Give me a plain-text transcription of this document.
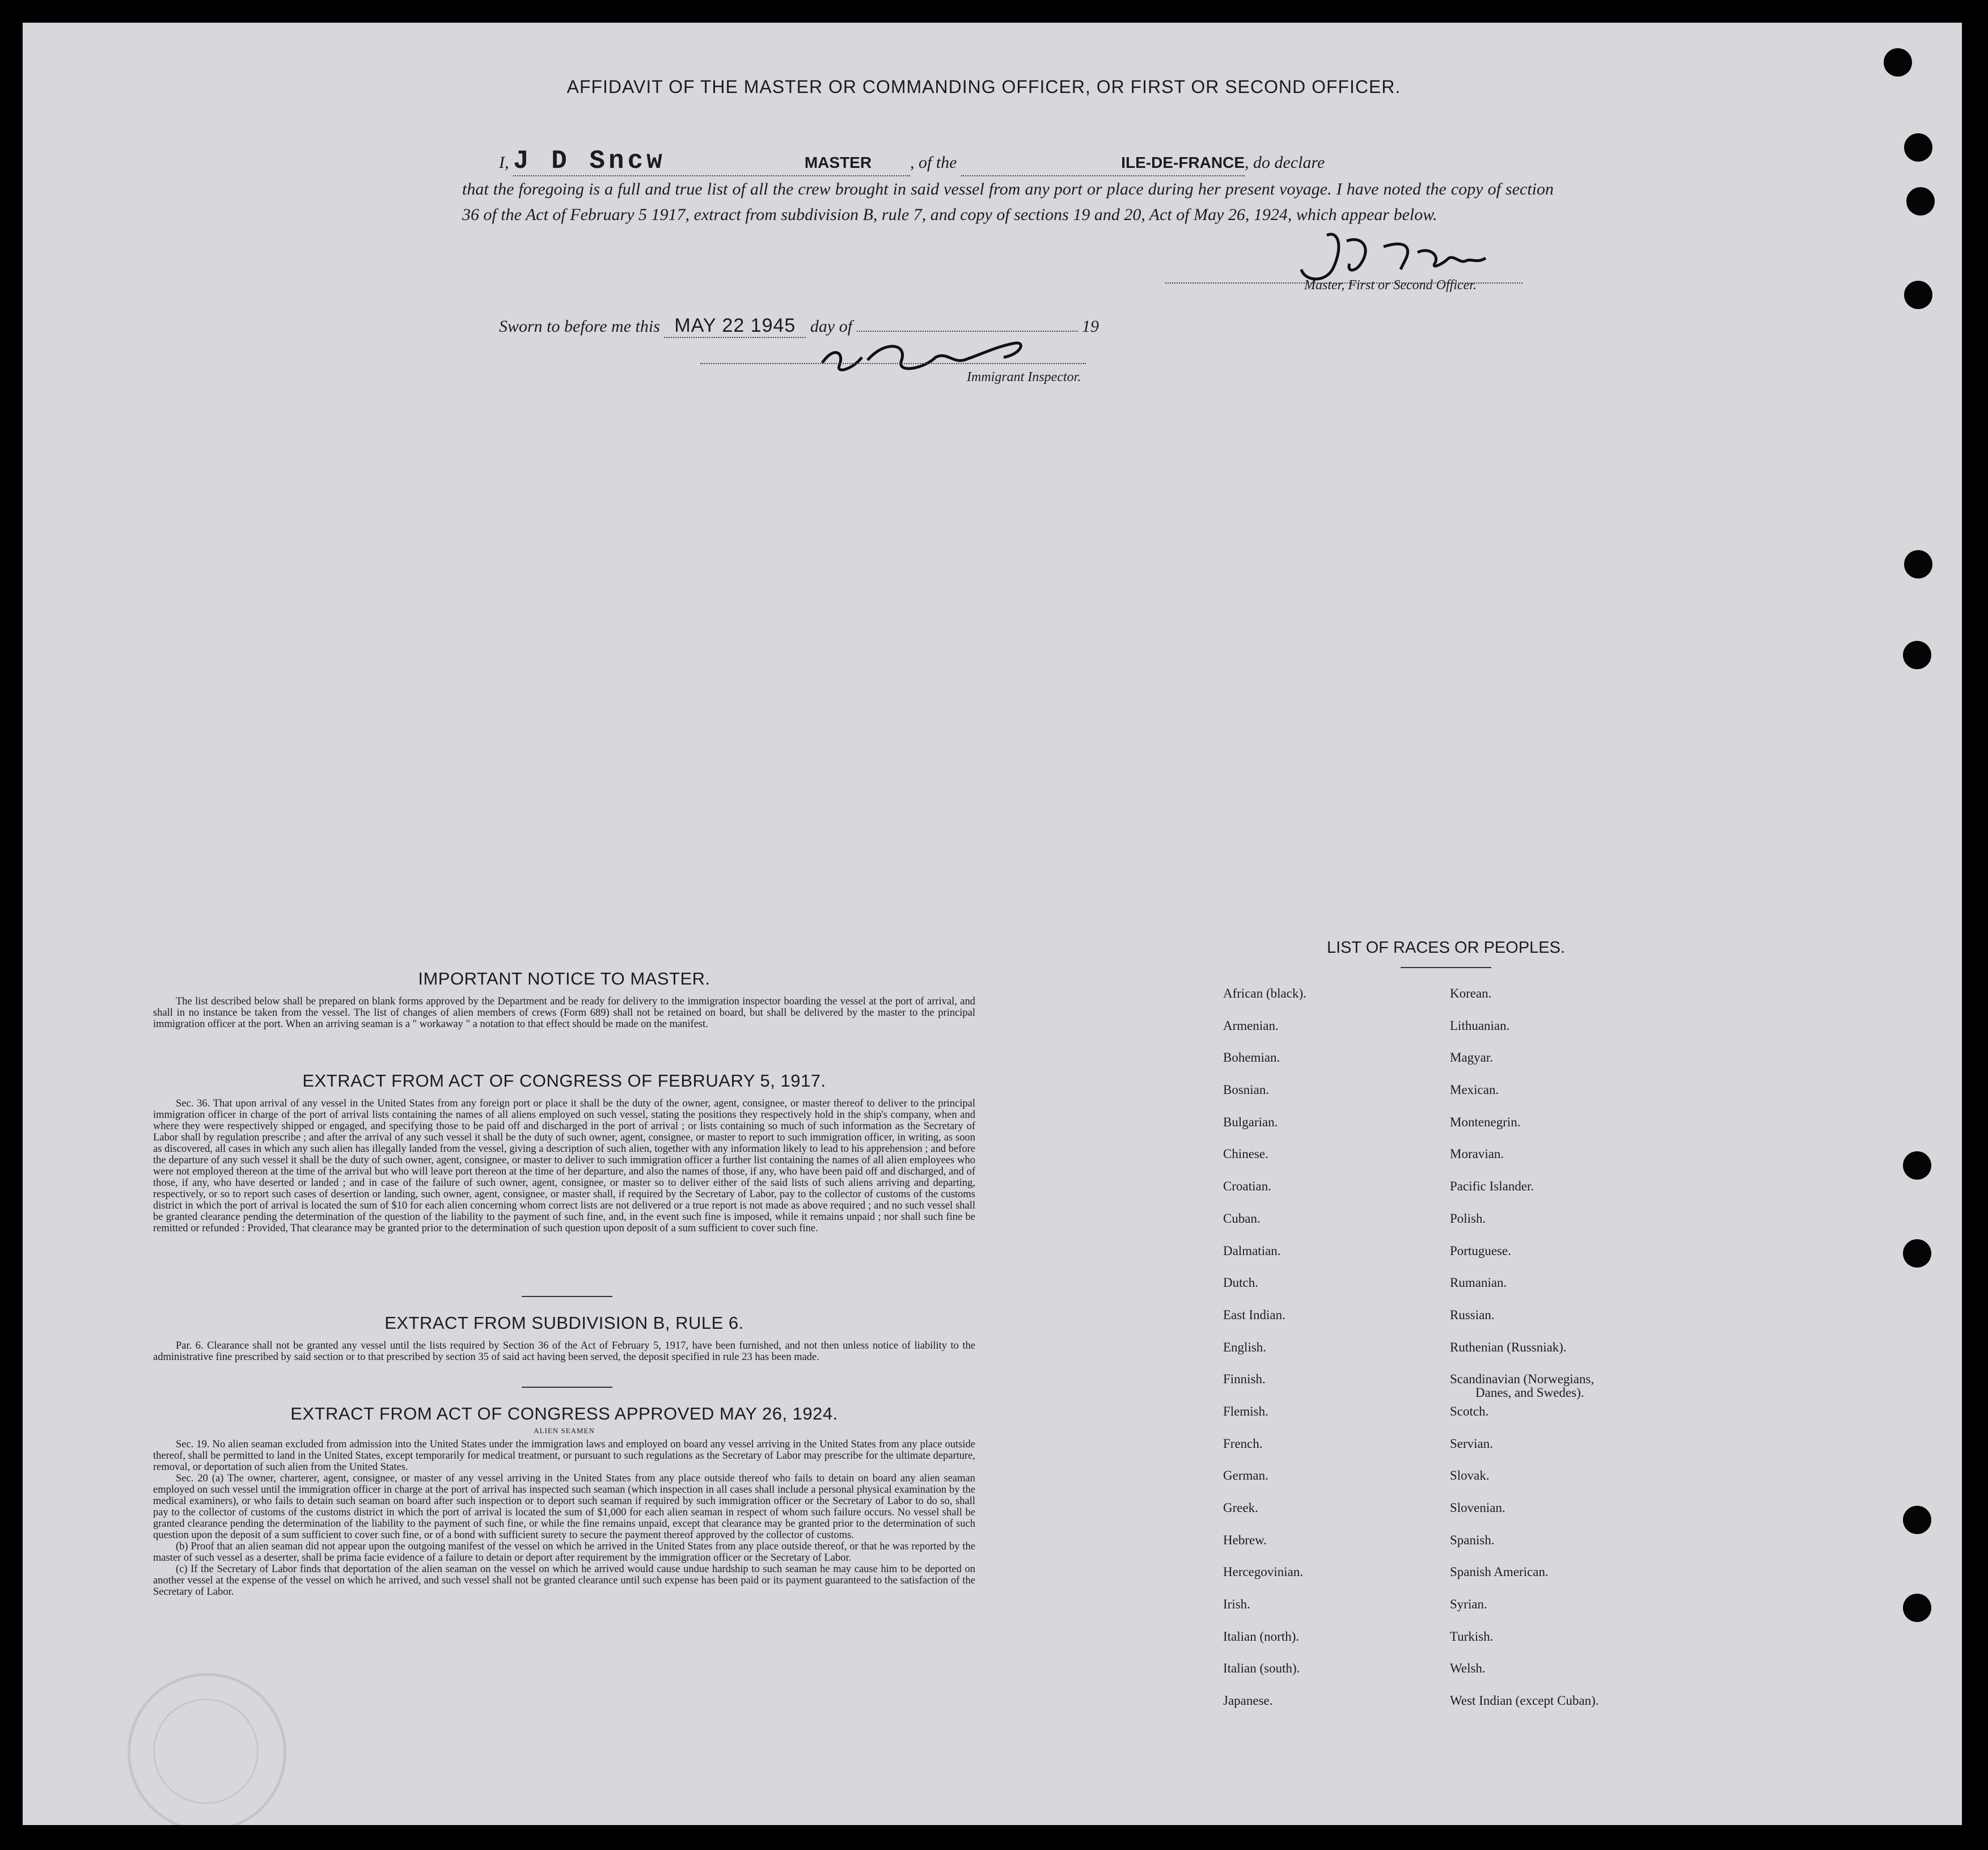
AFFIDAVIT OF THE MASTER OR COMMANDING OFFICER, OR FIRST OR SECOND OFFICER.
I, J D Sncw	MASTER , of the	ILE-DE-FRANCE, do declare
that the foregoing is a full and true list of all the crew brought in said vessel from any port or place during her present voyage. I have noted the copy of section 36 of the Act of February 5 1917, extract from subdivision B, rule 7, and copy of sections 19 and 20, Act of May 26, 1924, which appear below.
Master, First or Second Officer.
Sworn to before me this MAY 22 1945 day of	19
Immigrant Inspector.
IMPORTANT NOTICE TO MASTER.

The list described below shall be prepared on blank forms approved by the Department and be ready for delivery to the immigration inspector boarding the vessel at the port of arrival, and shall in no instance be taken from the vessel. The list of changes of alien members of crews (Form 689) shall not be retained on board, but shall be delivered by the master to the principal immigration officer at the port. When an arriving seaman is a " workaway " a notation to that effect should be made on the manifest.

EXTRACT FROM ACT OF CONGRESS OF FEBRUARY 5, 1917.

Sec. 36. That upon arrival of any vessel in the United States from any foreign port or place it shall be the duty of the owner, agent, consignee, or master thereof to deliver to the principal immigration officer in charge of the port of arrival lists containing the names of all aliens employed on such vessel, stating the positions they respectively hold in the ship's company, when and where they were respectively shipped or engaged, and specifying those to be paid off and discharged in the port of arrival ; or lists containing so much of such information as the Secretary of Labor shall by regulation prescribe ; and after the arrival of any such vessel it shall be the duty of such owner, agent, consignee, or master to report to such immigration officer, in writing, as soon as discovered, all cases in which any such alien has illegally landed from the vessel, giving a description of such alien, together with any information likely to lead to his apprehension ; and before the departure of any such vessel it shall be the duty of such owner, agent, consignee, or master to deliver to such immigration officer a further list containing the names of all alien employees who were not employed thereon at the time of the arrival but who will leave port thereon at the time of her departure, and also the names of those, if any, who have been paid off and discharged, and of those, if any, who have deserted or landed ; and in case of the failure of such owner, agent, consignee, or master so to deliver either of the said lists of such aliens arriving and departing, respectively, or so to report such cases of desertion or landing, such owner, agent, consignee, or master shall, if required by the Secretary of Labor, pay to the collector of customs of the customs district in which the port of arrival is located the sum of $10 for each alien concerning whom correct lists are not delivered or a true report is not made as above required ; and no such vessel shall be granted clearance pending the determination of the question of the liability to the payment of such fine, and, in the event such fine is imposed, while it remains unpaid ; nor shall such fine be remitted or refunded : Provided, That clearance may be granted prior to the determination of such question upon deposit of a sum sufficient to cover such fine.

EXTRACT FROM SUBDIVISION B, RULE 6.

Par. 6. Clearance shall not be granted any vessel until the lists required by Section 36 of the Act of February 5, 1917, have been furnished, and not then unless notice of liability to the administrative fine prescribed by said section or to that prescribed by section 35 of said act having been served, the deposit specified in rule 23 has been made.

EXTRACT FROM ACT OF CONGRESS APPROVED MAY 26, 1924.

ALIEN SEAMEN

Sec. 19. No alien seaman excluded from admission into the United States under the immigration laws and employed on board any vessel arriving in the United States from any place outside thereof, shall be permitted to land in the United States, except temporarily for medical treatment, or pursuant to such regulations as the Secretary of Labor may prescribe for the ultimate departure, removal, or deportation of such alien from the United States.

Sec. 20 (a) The owner, charterer, agent, consignee, or master of any vessel arriving in the United States from any place outside thereof who fails to detain on board any alien seaman employed on such vessel until the immigration officer in charge at the port of arrival has inspected such seaman (which inspection in all cases shall include a personal physical examination by the medical examiners), or who fails to detain such seaman on board after such inspection or to deport such seaman if required by such immigration officer or the Secretary of Labor to do so, shall pay to the collector of customs of the customs district in which the port of arrival is located the sum of $1,000 for each alien seaman in respect of whom such failure occurs. No vessel shall be granted clearance pending the determination of the liability to the payment of such fine, or while the fine remains unpaid, except that clearance may be granted prior to the determination of such question upon the deposit of a sum sufficient to cover such fine, or of a bond with sufficient surety to secure the payment thereof approved by the collector of customs.

(b) Proof that an alien seaman did not appear upon the outgoing manifest of the vessel on which he arrived in the United States from any place outside thereof, or that he was reported by the master of such vessel as a deserter, shall be prima facie evidence of a failure to detain or deport after requirement by the immigration officer or the Secretary of Labor.

(c) If the Secretary of Labor finds that deportation of the alien seaman on the vessel on which he arrived would cause undue hardship to such seaman he may cause him to be deported on another vessel at the expense of the vessel on which he arrived, and such vessel shall not be granted clearance until such expense has been paid or its payment guaranteed to the satisfaction of the Secretary of Labor.

LIST OF RACES OR PEOPLES.
African (black).
Armenian.
Bohemian.
Bosnian.
Bulgarian.
Chinese.
Croatian.
Cuban.
Dalmatian.
Dutch.
East Indian.
English.
Finnish.
Flemish.
French.
German.
Greek.
Hebrew.
Hercegovinian.
Irish.
Italian (north).
Italian (south).
Japanese.
Korean.
Lithuanian.
Magyar.
Mexican.
Montenegrin.
Moravian.
Pacific Islander.
Polish.
Portuguese.
Rumanian.
Russian.
Ruthenian (Russniak).
Scandinavian (Norwegians,
Danes, and Swedes).
Scotch.
Servian.
Slovak.
Slovenian.
Spanish.
Spanish American.
Syrian.
Turkish.
Welsh.
West Indian (except Cuban).
